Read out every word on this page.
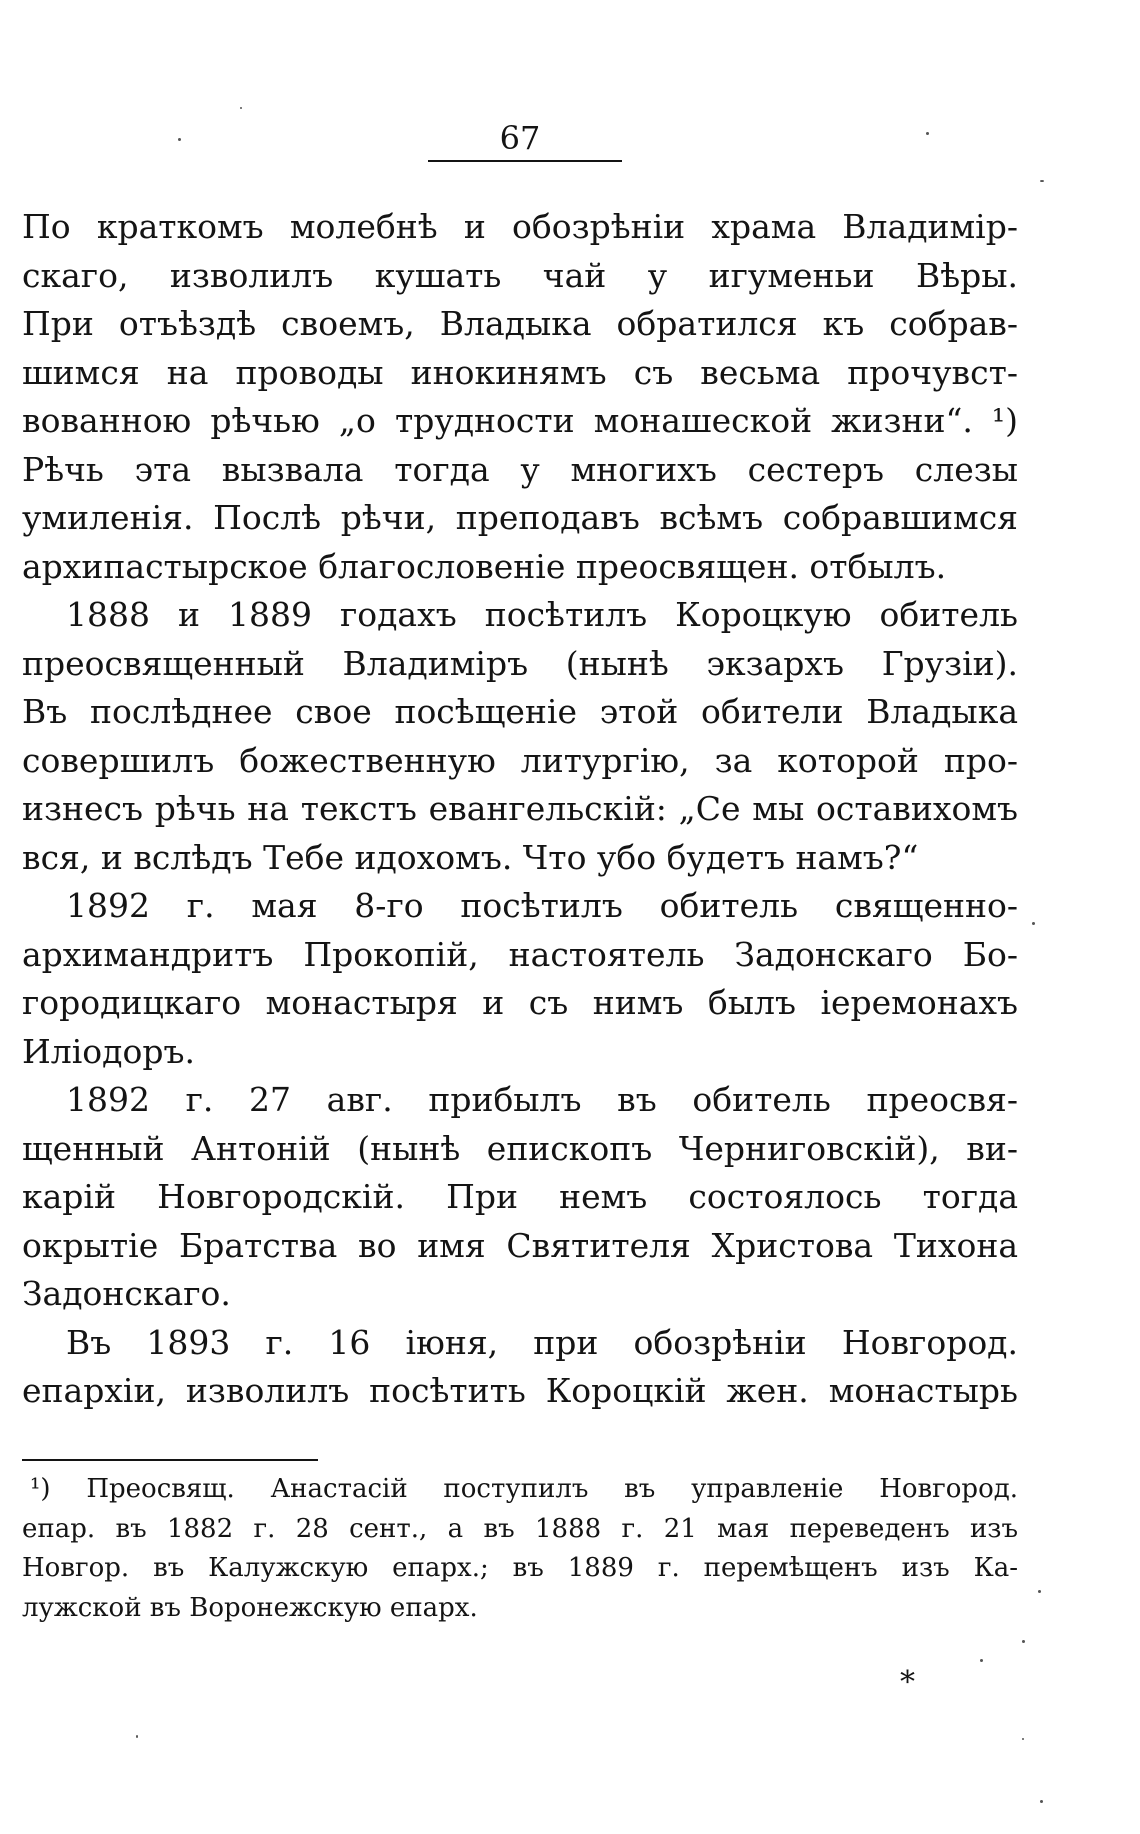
67
По краткомъ молебнѣ и обозрѣніи храма Владимір-
скаго, изволилъ кушать чай у игуменьи Вѣры.
При отъѣздѣ своемъ, Владыка обратился къ собрав-
шимся на проводы инокинямъ съ весьма прочувст-
вованною рѣчью „о трудности монашеской жизни“. ¹)
Рѣчь эта вызвала тогда у многихъ сестеръ слезы
умиленія. Послѣ рѣчи, преподавъ всѣмъ собравшимся
архипастырское благословеніе преосвящен. отбылъ.
1888 и 1889 годахъ посѣтилъ Короцкую обитель
преосвященный Владиміръ (нынѣ экзархъ Грузіи).
Въ послѣднее свое посѣщеніе этой обители Владыка
совершилъ божественную литургію, за которой про-
изнесъ рѣчь на текстъ евангельскій: „Се мы оставихомъ
вся, и вслѣдъ Тебе идохомъ. Что убо будетъ намъ?“
1892 г. мая 8-го посѣтилъ обитель священно-
архимандритъ Прокопій, настоятель Задонскаго Бо-
городицкаго монастыря и съ нимъ былъ іеремонахъ
Иліодоръ.
1892 г. 27 авг. прибылъ въ обитель преосвя-
щенный Антоній (нынѣ епископъ Черниговскій), ви-
карій Новгородскій. При немъ состоялось тогда
окрытіе Братства во имя Святителя Христова Тихона
Задонскаго.
Въ 1893 г. 16 іюня, при обозрѣніи Новгород.
епархіи, изволилъ посѣтить Короцкій жен. монастырь
¹) Преосвящ. Анастасій поступилъ въ управленіе Новгород.
епар. въ 1882 г. 28 сент., а въ 1888 г. 21 мая переведенъ изъ
Новгор. въ Калужскую епарх.; въ 1889 г. перемѣщенъ изъ Ка-
лужской въ Воронежскую епарх.
*
